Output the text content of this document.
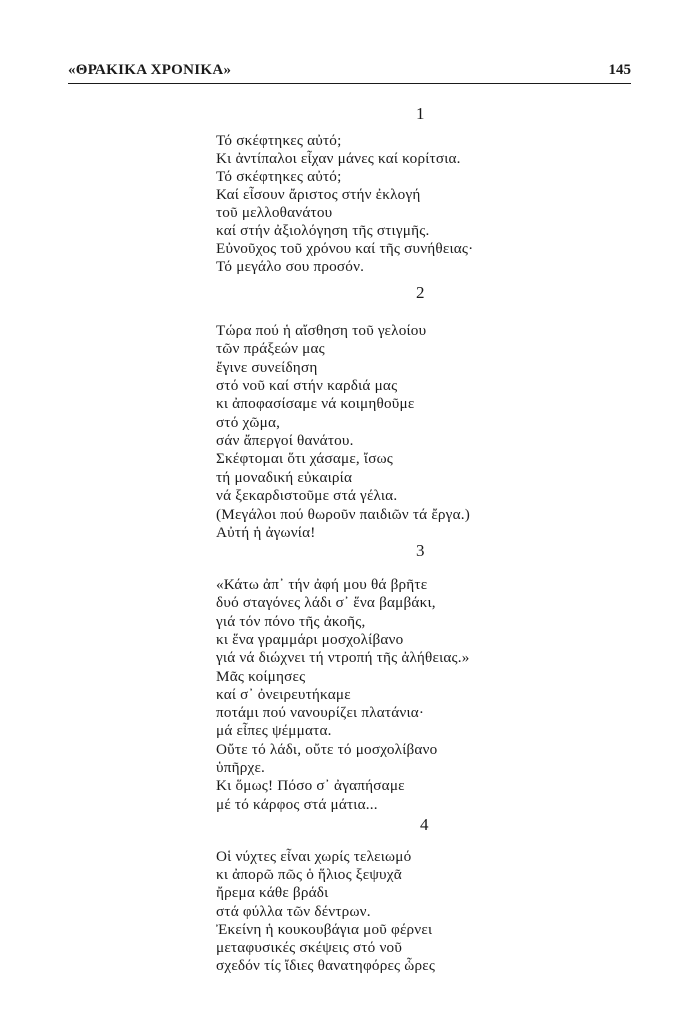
«ΘΡΑΚΙΚΑ ΧΡΟΝΙΚΑ»	145
1
Τό σκέφτηκες αὐτό;
Κι ἀντίπαλοι εἶχαν μάνες καί κορίτσια.
Τό σκέφτηκες αὐτό;
Καί εἶσουν ἄριστος στήν ἐκλογή
τοῦ μελλοθανάτου
καί στήν ἀξιολόγηση τῆς στιγμῆς.
Εὐνοῦχος τοῦ χρόνου καί τῆς συνήθειας·
Τό μεγάλο σου προσόν.
2
Τώρα πού ἡ αἴσθηση τοῦ γελοίου
τῶν πράξεών μας
ἔγινε συνείδηση
στό νοῦ καί στήν καρδιά μας
κι ἀποφασίσαμε νά κοιμηθοῦμε
στό χῶμα,
σάν ἄπεργοί θανάτου.
Σκέφτομαι ὅτι χάσαμε, ἴσως
τή μοναδική εὐκαιρία
νά ξεκαρδιστοῦμε στά γέλια.
(Μεγάλοι πού θωροῦν παιδιῶν τά ἔργα.)
Αὐτή ἡ ἀγωνία!
3
«Κάτω ἀπ᾿ τήν ἀφή μου θά βρῆτε
δυό σταγόνες λάδι σ᾿ ἕνα βαμβάκι,
γιά τόν πόνο τῆς ἀκοῆς,
κι ἕνα γραμμάρι μοσχολίβανο
γιά νά διώχνει τή ντροπή τῆς ἀλήθειας.»
Μᾶς κοίμησες
καί σ᾿ ὀνειρευτήκαμε
ποτάμι πού νανουρίζει πλατάνια·
μά εἶπες ψέμματα.
Οὔτε τό λάδι, οὔτε τό μοσχολίβανο
ὑπῆρχε.
Κι ὅμως! Πόσο σ᾿ ἀγαπήσαμε
μέ τό κάρφος στά μάτια...
4
Οἱ νύχτες εἶναι χωρίς τελειωμό
κι ἀπορῶ πῶς ὁ ἥλιος ξεψυχᾶ
ἤρεμα κάθε βράδι
στά φύλλα τῶν δέντρων.
Ἐκείνη ἡ κουκουβάγια μοῦ φέρνει
μεταφυσικές σκέψεις στό νοῦ
σχεδόν τίς ἴδιες θανατηφόρες ὧρες
